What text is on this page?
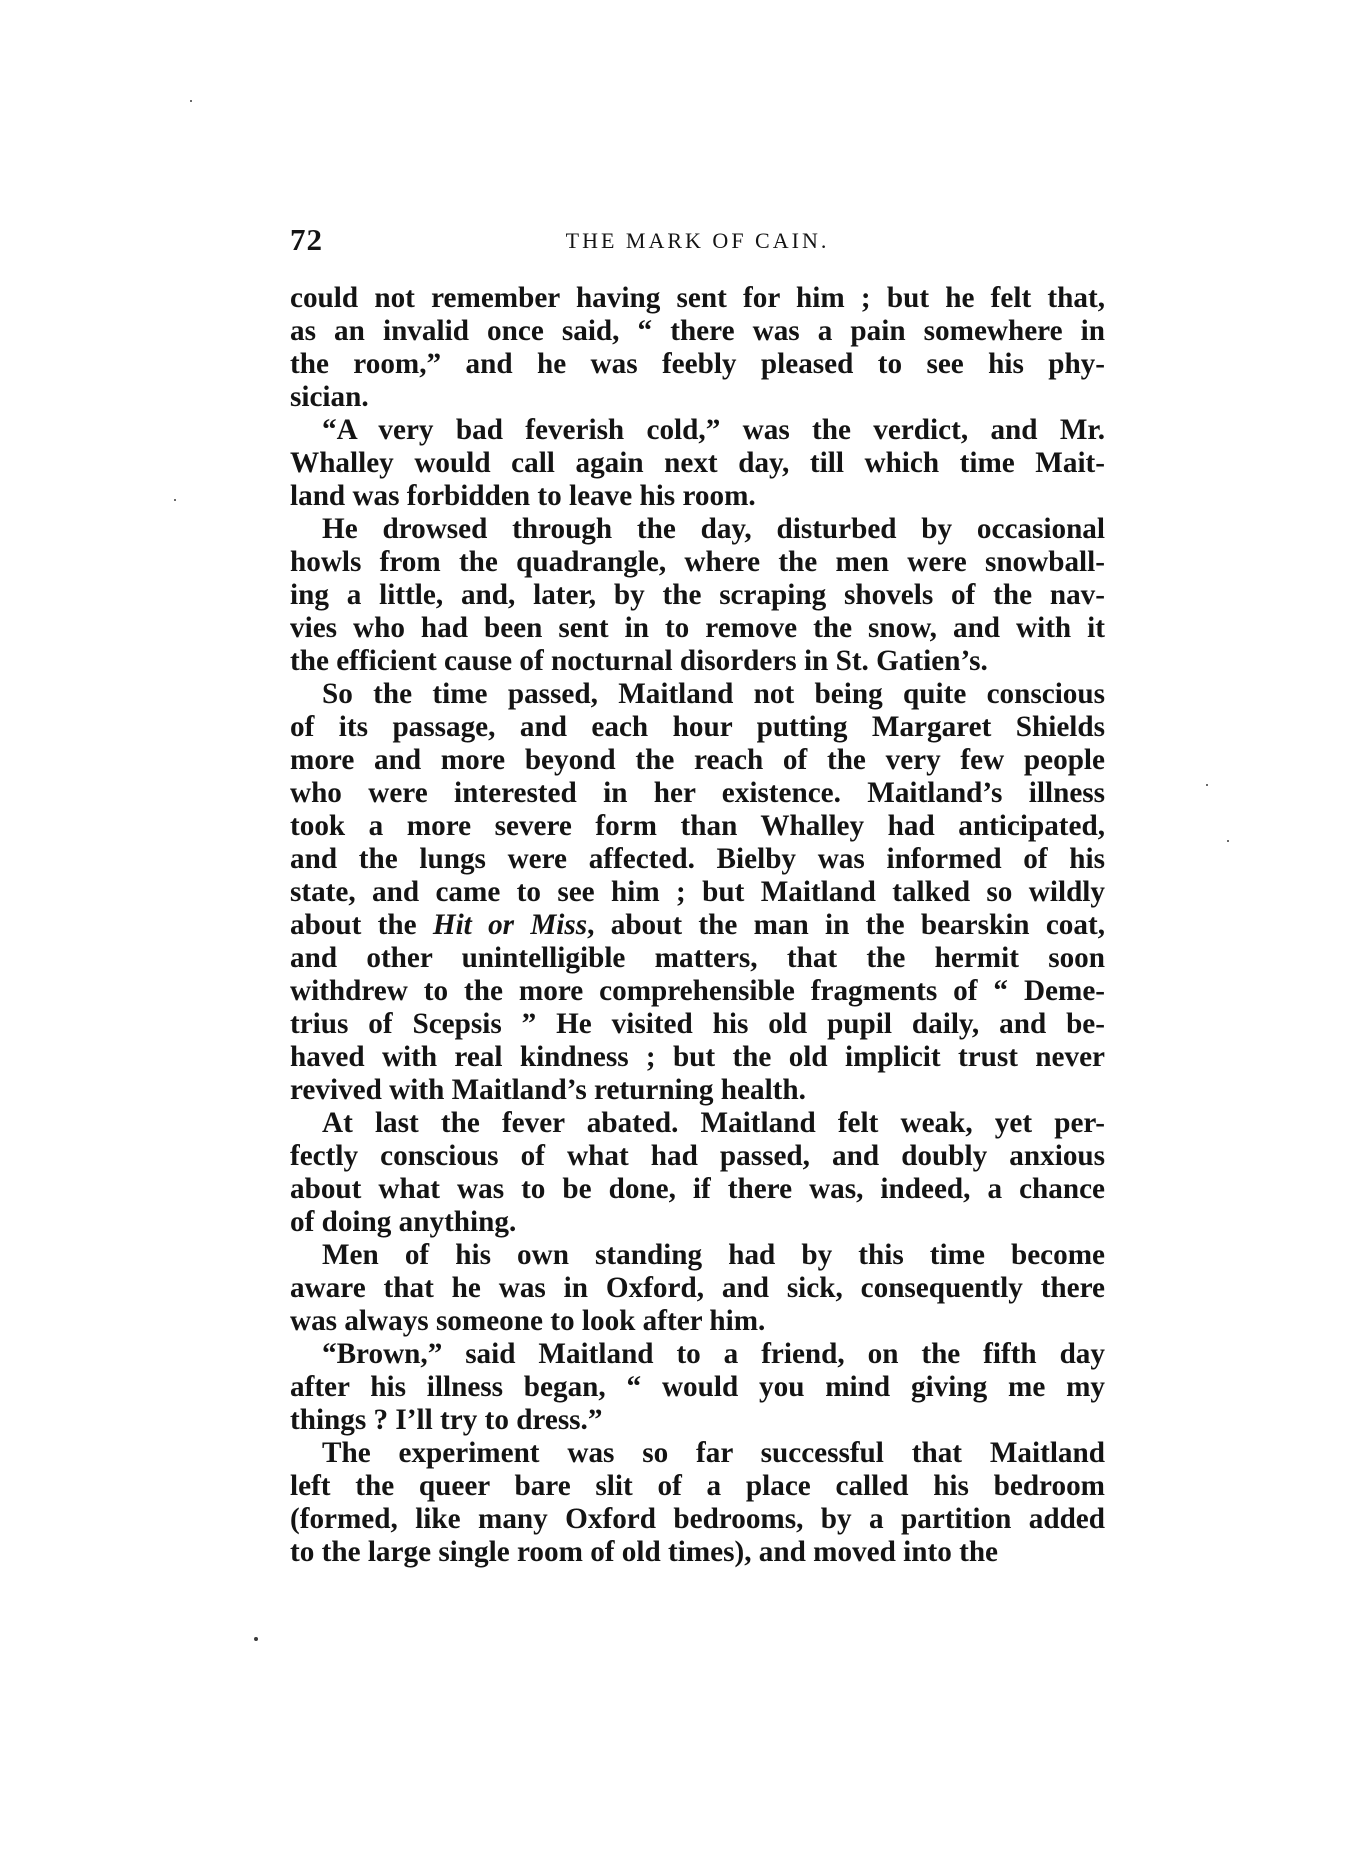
72	THE MARK OF CAIN.
could not remember having sent for him ; but he felt that,
as an invalid once said, “ there was a pain somewhere in
the room,” and he was feebly pleased to see his phy-
sician.
“A very bad feverish cold,” was the verdict, and Mr.
Whalley would call again next day, till which time Mait-
land was forbidden to leave his room.
He drowsed through the day, disturbed by occasional
howls from the quadrangle, where the men were snowball-
ing a little, and, later, by the scraping shovels of the nav-
vies who had been sent in to remove the snow, and with it
the efficient cause of nocturnal disorders in St. Gatien’s.
So the time passed, Maitland not being quite conscious
of its passage, and each hour putting Margaret Shields
more and more beyond the reach of the very few people
who were interested in her existence. Maitland’s illness
took a more severe form than Whalley had anticipated,
and the lungs were affected. Bielby was informed of his
state, and came to see him ; but Maitland talked so wildly
about the Hit or Miss, about the man in the bearskin coat,
and other unintelligible matters, that the hermit soon
withdrew to the more comprehensible fragments of “ Deme-
trius of Scepsis ” He visited his old pupil daily, and be-
haved with real kindness ; but the old implicit trust never
revived with Maitland’s returning health.
At last the fever abated. Maitland felt weak, yet per-
fectly conscious of what had passed, and doubly anxious
about what was to be done, if there was, indeed, a chance
of doing anything.
Men of his own standing had by this time become
aware that he was in Oxford, and sick, consequently there
was always someone to look after him.
“Brown,” said Maitland to a friend, on the fifth day
after his illness began, “ would you mind giving me my
things ? I’ll try to dress.”
The experiment was so far successful that Maitland
left the queer bare slit of a place called his bedroom
(formed, like many Oxford bedrooms, by a partition added
to the large single room of old times), and moved into the
